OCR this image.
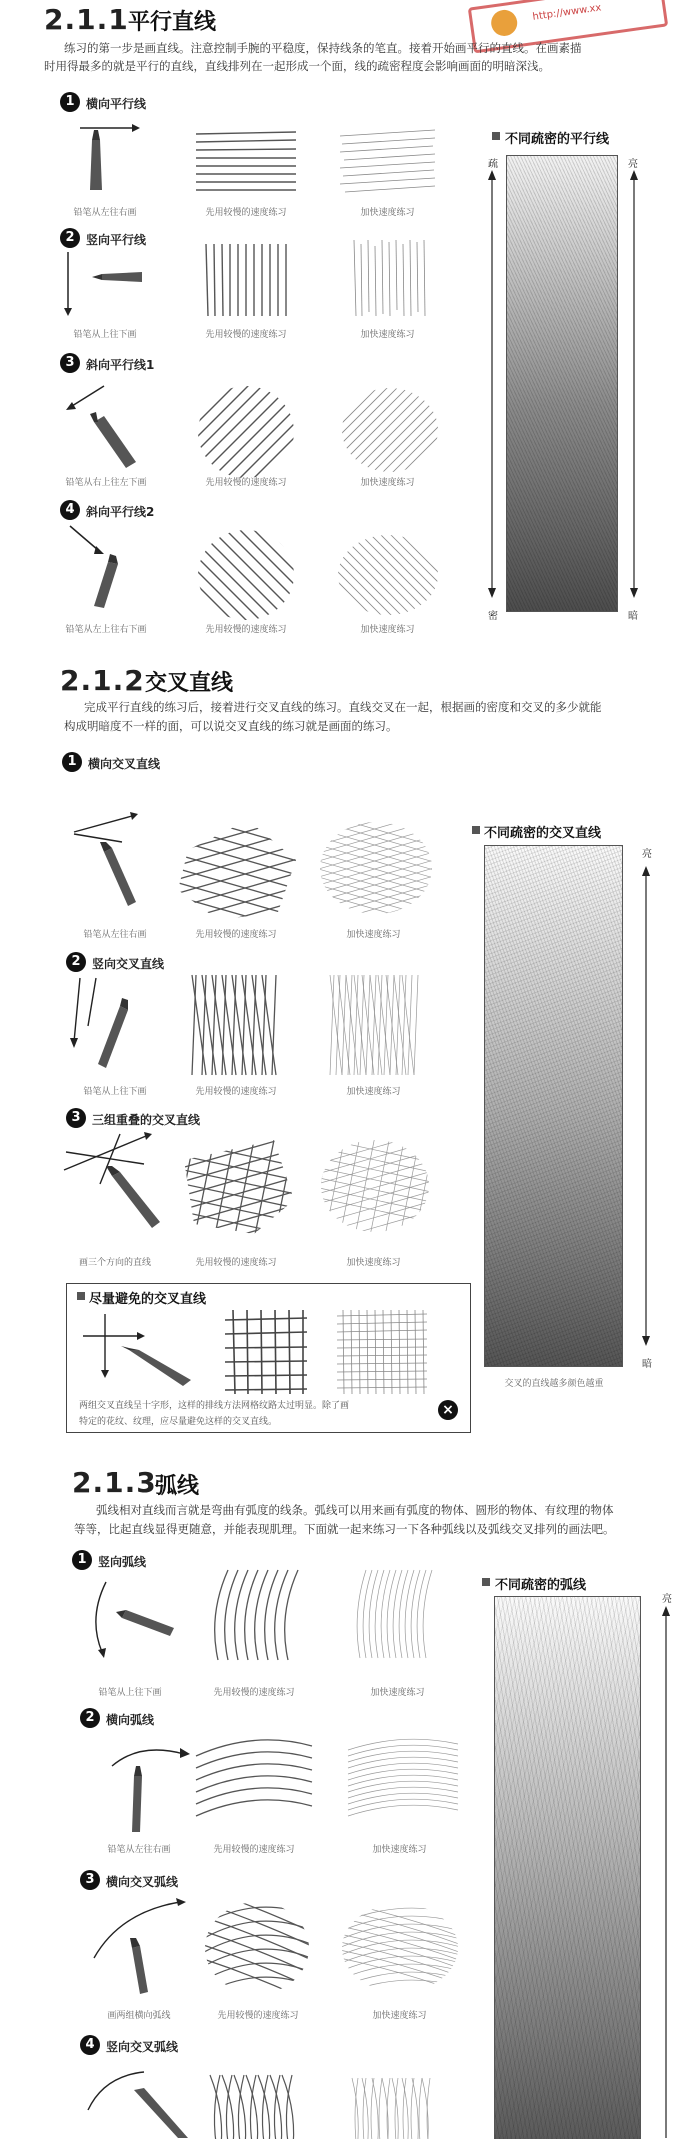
http://www.xx
2.1.1 平行直线
练习的第一步是画直线。注意控制手腕的平稳度，保持线条的笔直。接着开始画平行的直线。在画素描
时用得最多的就是平行的直线，直线排列在一起形成一个面，线的疏密程度会影响画面的明暗深浅。
1 横向平行线
铅笔从左往右画	先用较慢的速度练习	加快速度练习
2 竖向平行线
铅笔从上往下画	先用较慢的速度练习	加快速度练习
3 斜向平行线1
铅笔从右上往左下画	先用较慢的速度练习	加快速度练习
4 斜向平行线2
铅笔从左上往右下画	先用较慢的速度练习	加快速度练习
不同疏密的平行线
疏	亮
密	暗
2.1.2 交叉直线
完成平行直线的练习后，接着进行交叉直线的练习。直线交叉在一起，根据画的密度和交叉的多少就能
构成明暗度不一样的面，可以说交叉直线的练习就是画面的练习。
1 横向交叉直线
铅笔从左往右画	先用较慢的速度练习	加快速度练习
2 竖向交叉直线
铅笔从上往下画	先用较慢的速度练习	加快速度练习
3 三组重叠的交叉直线
画三个方向的直线	先用较慢的速度练习	加快速度练习
尽量避免的交叉直线
两组交叉直线呈十字形，这样的排线方法网格纹路太过明显。除了画
特定的花纹、纹理，应尽量避免这样的交叉直线。
×
不同疏密的交叉直线
亮
暗
交叉的直线越多颜色越重
2.1.3
弧线
弧线相对直线而言就是弯曲有弧度的线条。弧线可以用来画有弧度的物体、圆形的物体、有纹理的物体
等等，比起直线显得更随意，并能表现肌理。下面就一起来练习一下各种弧线以及弧线交叉排列的画法吧。
1 竖向弧线
铅笔从上往下画	先用较慢的速度练习	加快速度练习
2 横向弧线
铅笔从左往右画	先用较慢的速度练习	加快速度练习
3 横向交叉弧线
画两组横向弧线	先用较慢的速度练习	加快速度练习
4 竖向交叉弧线
不同疏密的弧线
亮
